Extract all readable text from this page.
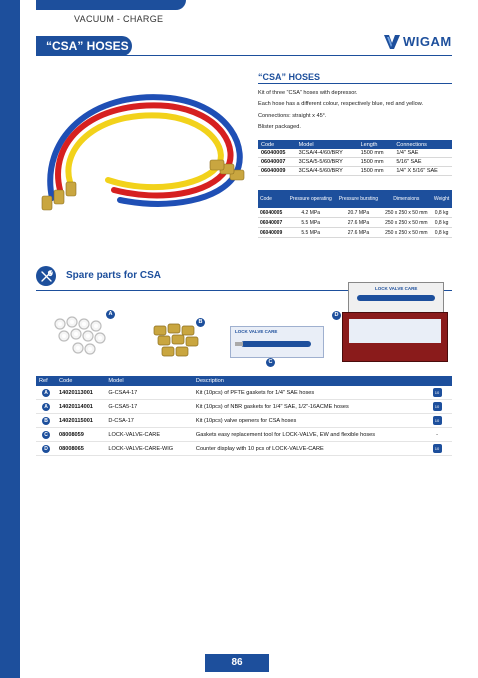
VACUUM - CHARGE
“CSA” HOSES	WIGAM
“CSA” HOSES
Kit of three “CSA” hoses with depressor.
Each hose has a different colour, respectively blue, red and yellow.
Connections: straight x 45°.
Blister packaged.
Code	Model	Length	Connections
06040005	3CSA/4-4/60/BRY	1500 mm	1/4" SAE
06040007	3CSA/5-5/60/BRY	1500 mm	5/16" SAE
06040009	3CSA/4-5/60/BRY	1500 mm	1/4" X 5/16" SAE
Code	Pressure operating	Pressure bursting	Dimensions	Weight
06040005	4.2 MPa	20.7 MPa	250 x 250 x 50 mm	0,8 kg
06040007	5.5 MPa	27.6 MPa	250 x 250 x 50 mm	0,8 kg
06040009	5.5 MPa	27.6 MPa	250 x 250 x 50 mm	0,8 kg
Spare parts for CSA
A
B
LOCK VALVE CARE
C
LOCK VALVE CARE
D
Ref	Code	Model	Description	
A	14020113001	G-CSA4-17	Kit (10pcs) of PFTE gaskets for 1/4" SAE hoses	10
A	14020114001	G-CSA5-17	Kit (10pcs) of NBR gaskets for 1/4" SAE, 1/2"-16ACME hoses	10
B	14020115001	D-CSA-17	Kit (10pcs) valve openers for CSA hoses	10
C	08008059	LOCK-VALVE-CARE	Gaskets easy replacement tool for LOCK-VALVE, EW and flexible hoses	-
D	08008065	LOCK-VALVE-CARE-WIG	Counter display with 10 pcs of LOCK-VALVE-CARE	10
86
